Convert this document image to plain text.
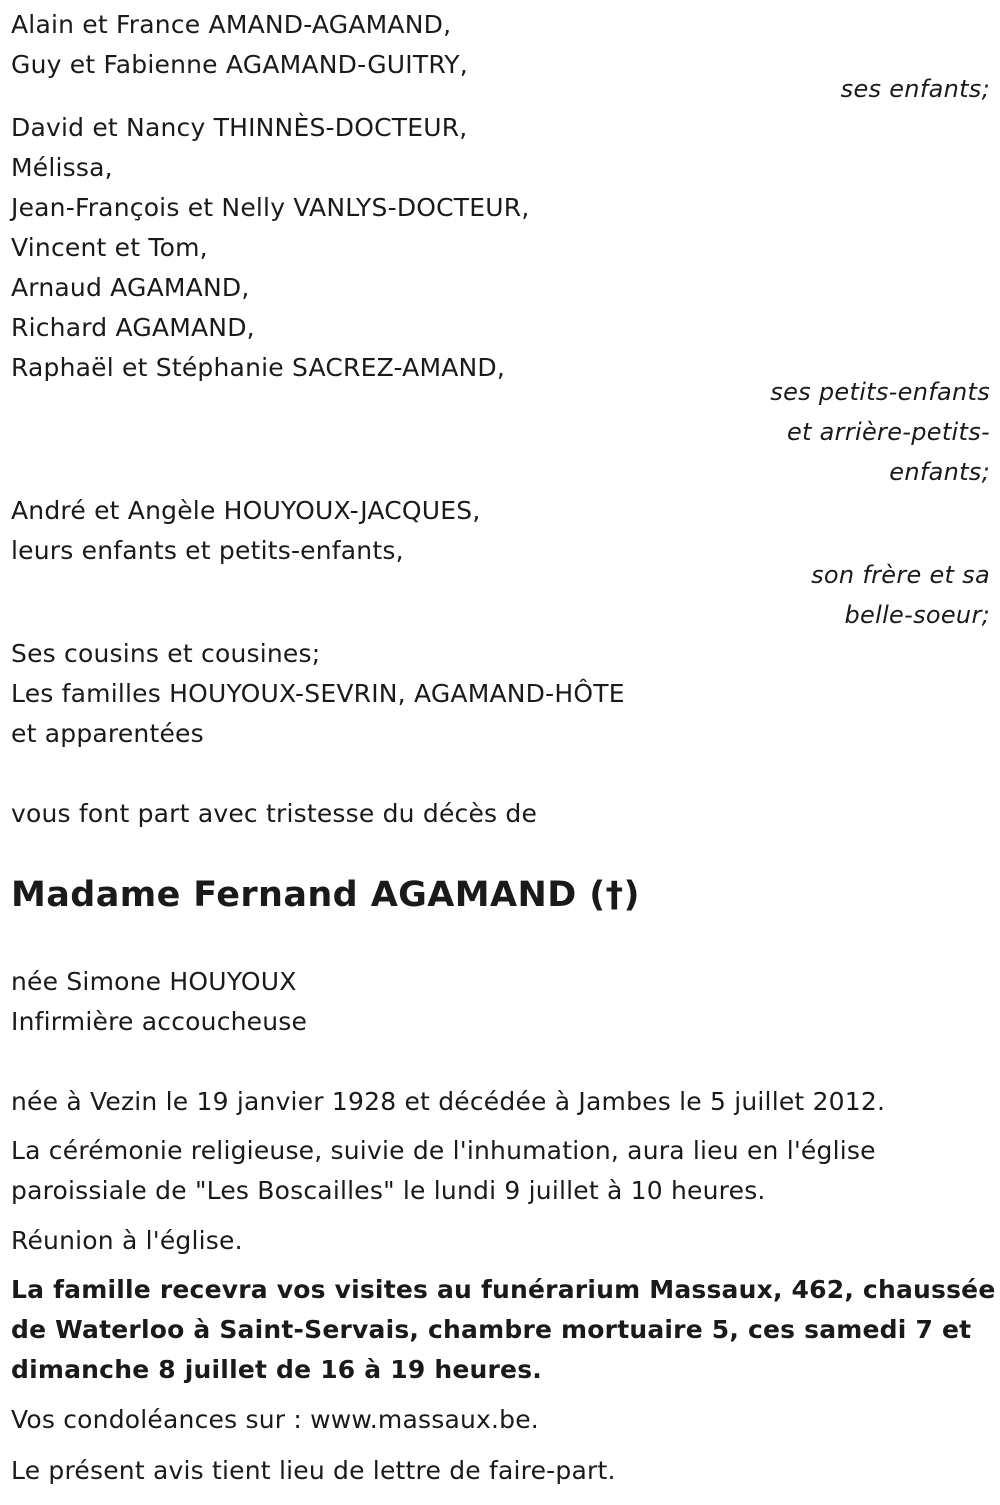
Alain et France AMAND-AGAMAND,
Guy et Fabienne AGAMAND-GUITRY,
ses enfants;
David et Nancy THINNÈS-DOCTEUR,
Mélissa,
Jean-François et Nelly VANLYS-DOCTEUR,
Vincent et Tom,
Arnaud AGAMAND,
Richard AGAMAND,
Raphaël et Stéphanie SACREZ-AMAND,
ses petits-enfants
et arrière-petits-
enfants;
André et Angèle HOUYOUX-JACQUES,
leurs enfants et petits-enfants,
son frère et sa
belle-soeur;
Ses cousins et cousines;
Les familles HOUYOUX-SEVRIN, AGAMAND-HÔTE
et apparentées
vous font part avec tristesse du décès de
Madame Fernand AGAMAND (†)
née Simone HOUYOUX
Infirmière accoucheuse
née à Vezin le 19 janvier 1928 et décédée à Jambes le 5 juillet 2012.
La cérémonie religieuse, suivie de l'inhumation, aura lieu en l'église
paroissiale de "Les Boscailles" le lundi 9 juillet à 10 heures.
Réunion à l'église.
La famille recevra vos visites au funérarium Massaux, 462, chaussée
de Waterloo à Saint-Servais, chambre mortuaire 5, ces samedi 7 et
dimanche 8 juillet de 16 à 19 heures.
Vos condoléances sur : www.massaux.be.
Le présent avis tient lieu de lettre de faire-part.
